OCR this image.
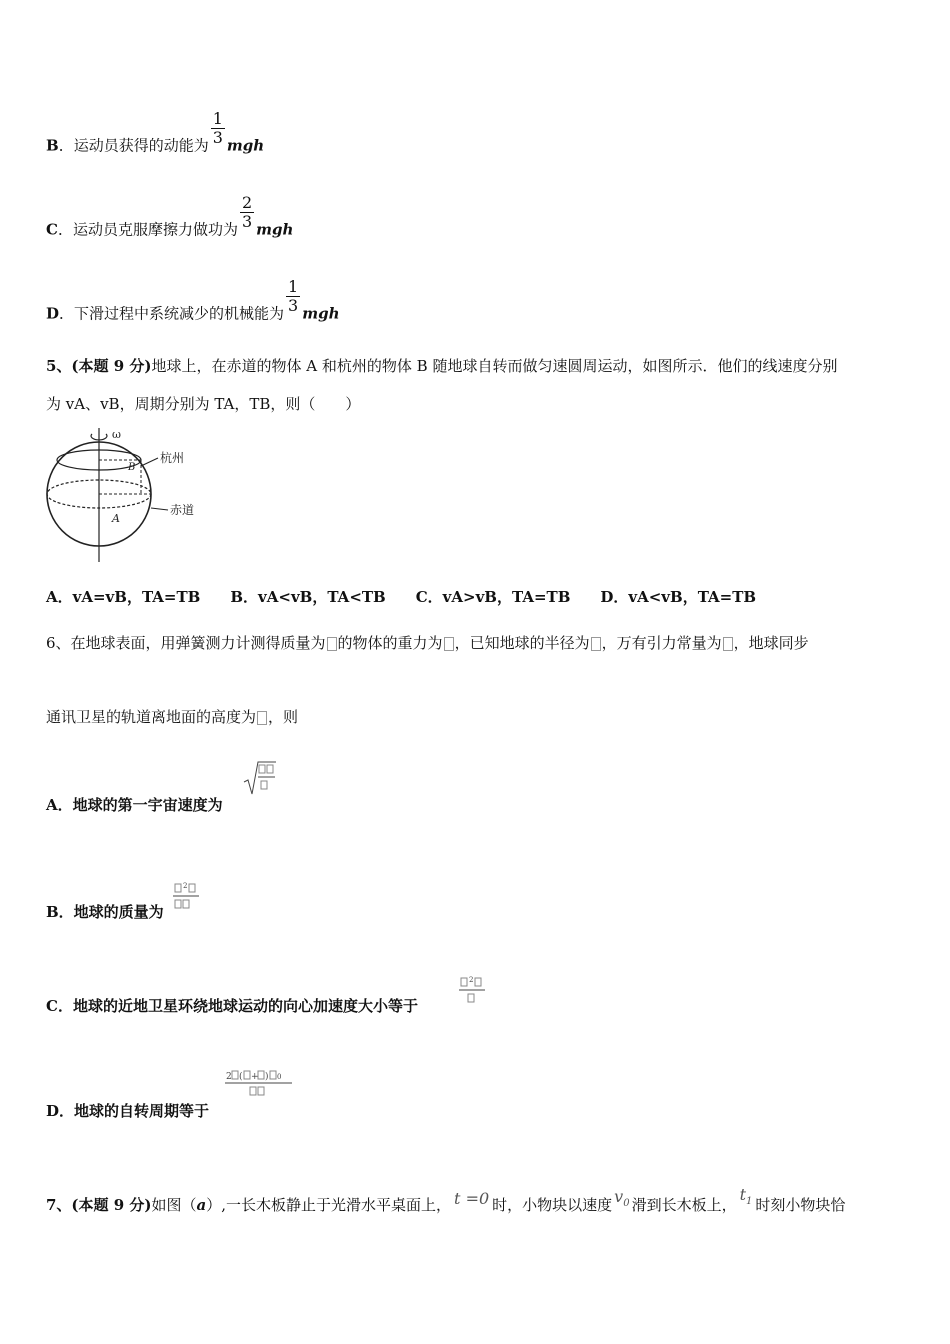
B．运动员获得的动能为 $\frac{1}{3}$ mgh
C．运动员克服摩擦力做功为 $\frac{2}{3}$ mgh
D．下滑过程中系统减少的机械能为 $\frac{1}{3}$ mgh
5、(本题 9 分)地球上，在赤道的物体 A 和杭州的物体 B 随地球自转而做匀速圆周运动，如图所示．他们的线速度分别
为 vA、vB，周期分别为 TA，TB，则（　　）
ω
B
杭州
A
赤道
A．vA=vB，TA=TB　　B．vA<vB，TA<TB　　C．vA>vB，TA=TB　　D．vA<vB，TA=TB
6、在地球表面，用弹簧测力计测得质量为 的物体的重力为 ，已知地球的半径为 ，万有引力常量为 ，地球同步
通讯卫星的轨道离地面的高度为 ，则
A．地球的第一宇宙速度为
B．地球的质量为
2
C．地球的近地卫星环绕地球运动的向心加速度大小等于
2
D．地球的自转周期等于
2 ( + ) 0
7、(本题 9 分)如图（a）,一长木板静止于光滑水平桌面上， t =0 时，小物块以速度 $v_0$ 滑到长木板上，$t_1$ 时刻小物块恰
